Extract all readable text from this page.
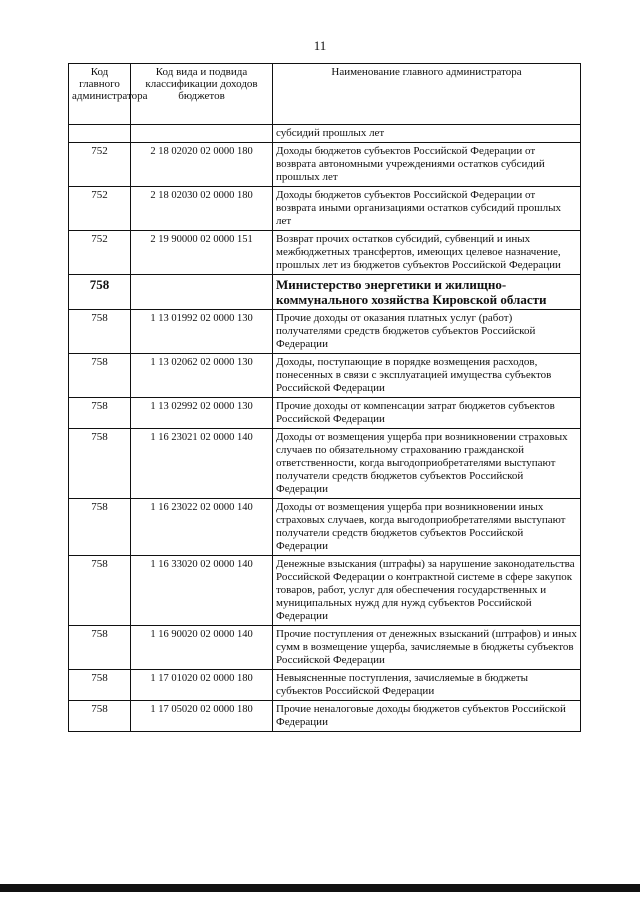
11
Код главного администратора	Код вида и подвида классификации доходов бюджетов	Наименование главного администратора
		субсидий прошлых лет
752	2 18 02020 02 0000 180	Доходы бюджетов субъектов Российской Федерации от возврата автономными учреждениями остатков субсидий прошлых лет
752	2 18 02030 02 0000 180	Доходы бюджетов субъектов Российской Федерации от возврата иными организациями остатков субсидий прошлых лет
752	2 19 90000 02 0000 151	Возврат прочих остатков субсидий, субвенций и иных межбюджетных трансфертов, имеющих целевое назначение, прошлых лет из бюджетов субъектов Российской Федерации
758		Министерство энергетики и жилищно-коммунального хозяйства Кировской области
758	1 13 01992 02 0000 130	Прочие доходы от оказания платных услуг (работ) получателями средств бюджетов субъектов Российской Федерации
758	1 13 02062 02 0000 130	Доходы, поступающие в порядке возмещения расходов, понесенных в связи с эксплуатацией имущества субъектов Российской Федерации
758	1 13 02992 02 0000 130	Прочие доходы от компенсации затрат бюджетов субъектов Российской Федерации
758	1 16 23021 02 0000 140	Доходы от возмещения ущерба при возникновении страховых случаев по обязательному страхованию гражданской ответственности, когда выгодоприобретателями выступают получатели средств бюджетов субъектов Российской Федерации
758	1 16 23022 02 0000 140	Доходы от возмещения ущерба при возникновении иных страховых случаев, когда выгодоприобретателями выступают получатели средств бюджетов субъектов Российской Федерации
758	1 16 33020 02 0000 140	Денежные взыскания (штрафы) за нарушение законодательства Российской Федерации о контрактной системе в сфере закупок товаров, работ, услуг для обеспечения государственных и муниципальных нужд для нужд субъектов Российской Федерации
758	1 16 90020 02 0000 140	Прочие поступления от денежных взысканий (штрафов) и иных сумм в возмещение ущерба, зачисляемые в бюджеты субъектов Российской Федерации
758	1 17 01020 02 0000 180	Невыясненные поступления, зачисляемые в бюджеты субъектов Российской Федерации
758	1 17 05020 02 0000 180	Прочие неналоговые доходы бюджетов субъектов Российской Федерации
